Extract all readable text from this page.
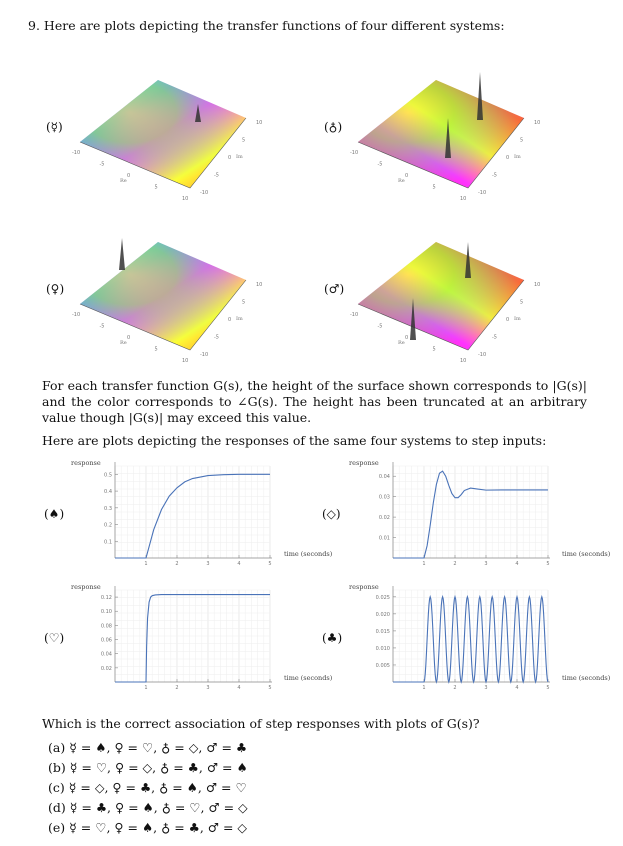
9. Here are plots depicting the transfer functions of four different systems:
(☿)
-10
-5
0
5
10
-10
-5
0
5
10
Re
Im
(♁)
-10
-5
0
5
10
-10
-5
0
5
10
Re
Im
(♀)
-10
-5
0
5
10
-10
-5
0
5
10
Re
Im
(♂)
-10
-5
0
5
10
-10
-5
0
5
10
Re
Im
For each transfer function G(s), the height of the surface shown corresponds to |G(s)| and the color corresponds to ∠G(s). The height has been truncated at an arbitrary value though |G(s)| may exceed this value.
Here are plots depicting the responses of the same four systems to step inputs:
0.1
0.2
0.3
0.4
0.5
1	2	3	4	5
response
time (seconds)
(♠)
0.01
0.02
0.03
0.04
1	2	3	4	5
response
time (seconds)
(◇)
0.02
0.04
0.06
0.08
0.10
0.12
1	2	3	4	5
response
time (seconds)
(♡)
0.005
0.010
0.015
0.020
0.025
1	2	3	4	5
response
time (seconds)
(♣)
Which is the correct association of step responses with plots of G(s)?
(a) ☿ = ♠, ♀ = ♡, ♁ = ◇, ♂ = ♣
(b) ☿ = ♡, ♀ = ◇, ♁ = ♣, ♂ = ♠
(c) ☿ = ◇, ♀ = ♣, ♁ = ♠, ♂ = ♡
(d) ☿ = ♣, ♀ = ♠, ♁ = ♡, ♂ = ◇
(e) ☿ = ♡, ♀ = ♠, ♁ = ♣, ♂ = ◇
